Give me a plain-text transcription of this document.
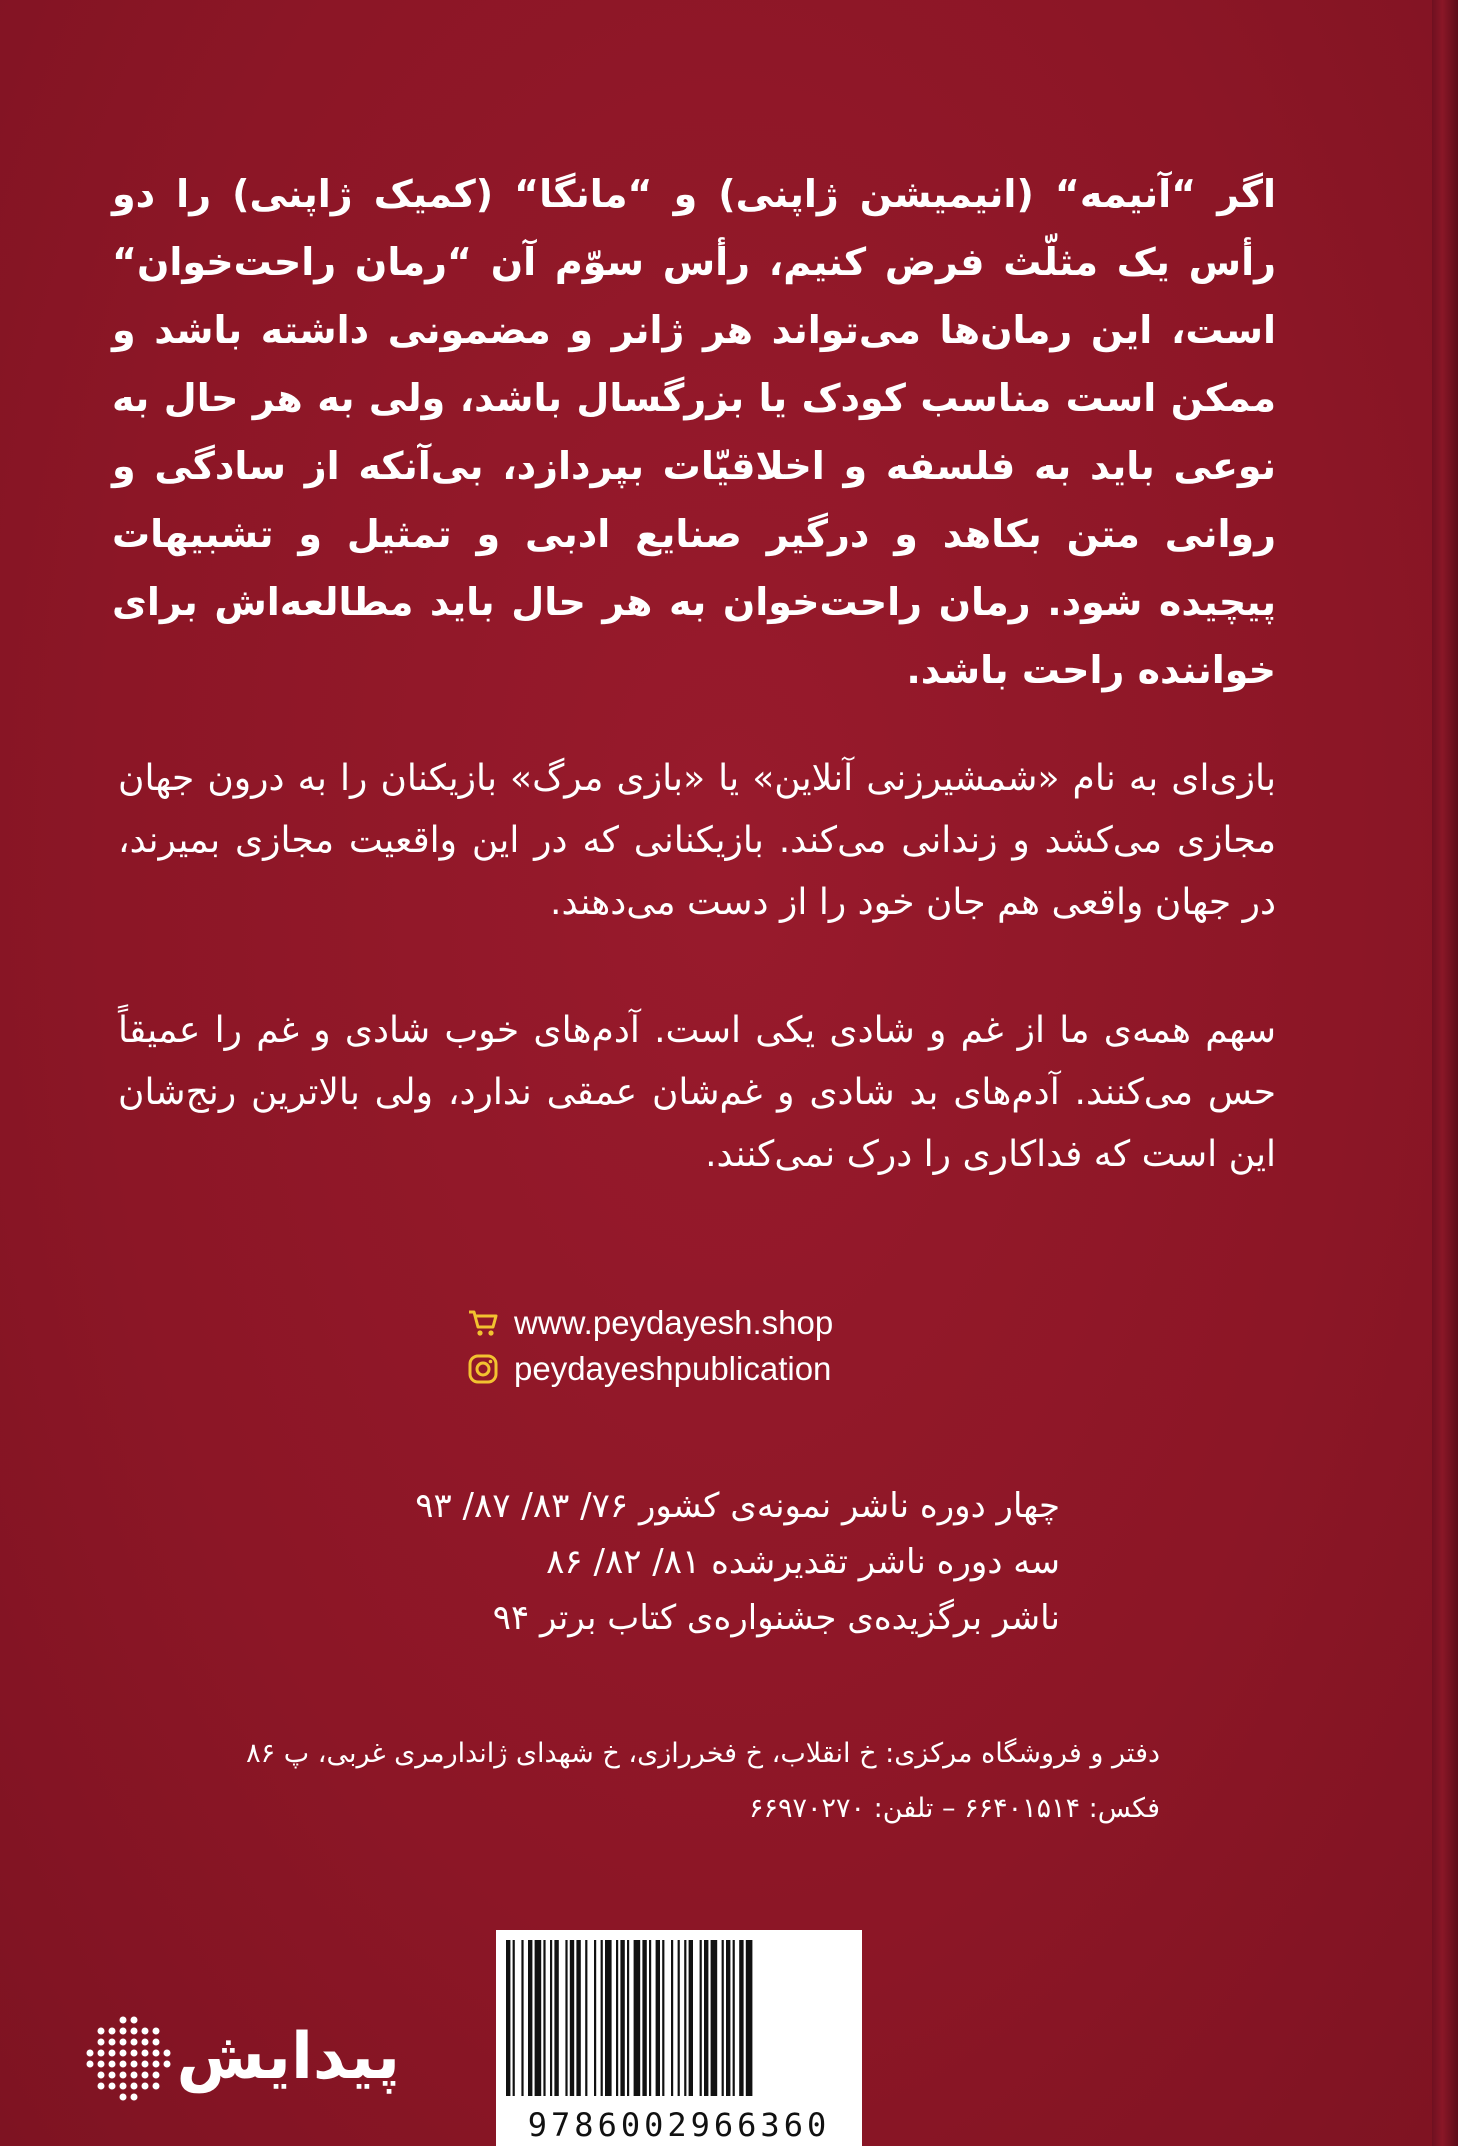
اگر “آنیمه“ (انیمیشن ژاپنی) و “مانگا“ (کمیک ژاپنی) را دو رأس یک مثلّث فرض کنیم، رأس سوّم آن “رمان راحت‌خوان“ است، این رمان‌ها می‌تواند هر ژانر و مضمونی داشته باشد و ممکن است مناسب کودک یا بزرگسال باشد، ولی به هر حال به نوعی باید به فلسفه و اخلاقیّات بپردازد، بی‌آنکه از سادگی و روانی متن بکاهد و درگیر صنایع ادبی و تمثیل و تشبیهات پیچیده شود. رمان راحت‌خوان به هر حال باید مطالعه‌اش برای خواننده راحت باشد.
بازی‌ای به نام «شمشیرزنی آنلاین» یا «بازی مرگ» بازیکنان را به درون جهان مجازی می‌کشد و زندانی می‌کند. بازیکنانی که در این واقعیت مجازی بمیرند، در جهان واقعی هم جان خود را از دست می‌دهند.
سهم همه‌ی ما از غم و شادی یکی است. آدم‌های خوب شادی و غم را عمیقاً حس می‌کنند. آدم‌های بد شادی و غم‌شان عمقی ندارد، ولی بالاترین رنج‌شان این است که فداکاری را درک نمی‌کنند.
www.peydayesh.shop
peydayeshpublication
چهار دوره ناشر نمونه‌ی کشور ۷۶/ ۸۳/ ۸۷/ ۹۳
سه دوره ناشر تقدیرشده ۸۱/ ۸۲/ ۸۶
ناشر برگزیده‌ی جشنواره‌ی کتاب برتر ۹۴
دفتر و فروشگاه مرکزی: خ انقلاب، خ فخررازی، خ شهدای ژاندارمری غربی، پ ۸۶
فکس: ۶۶۴۰۱۵۱۴ – تلفن: ۶۶۹۷۰۲۷۰
9786002966360
پیدایش
